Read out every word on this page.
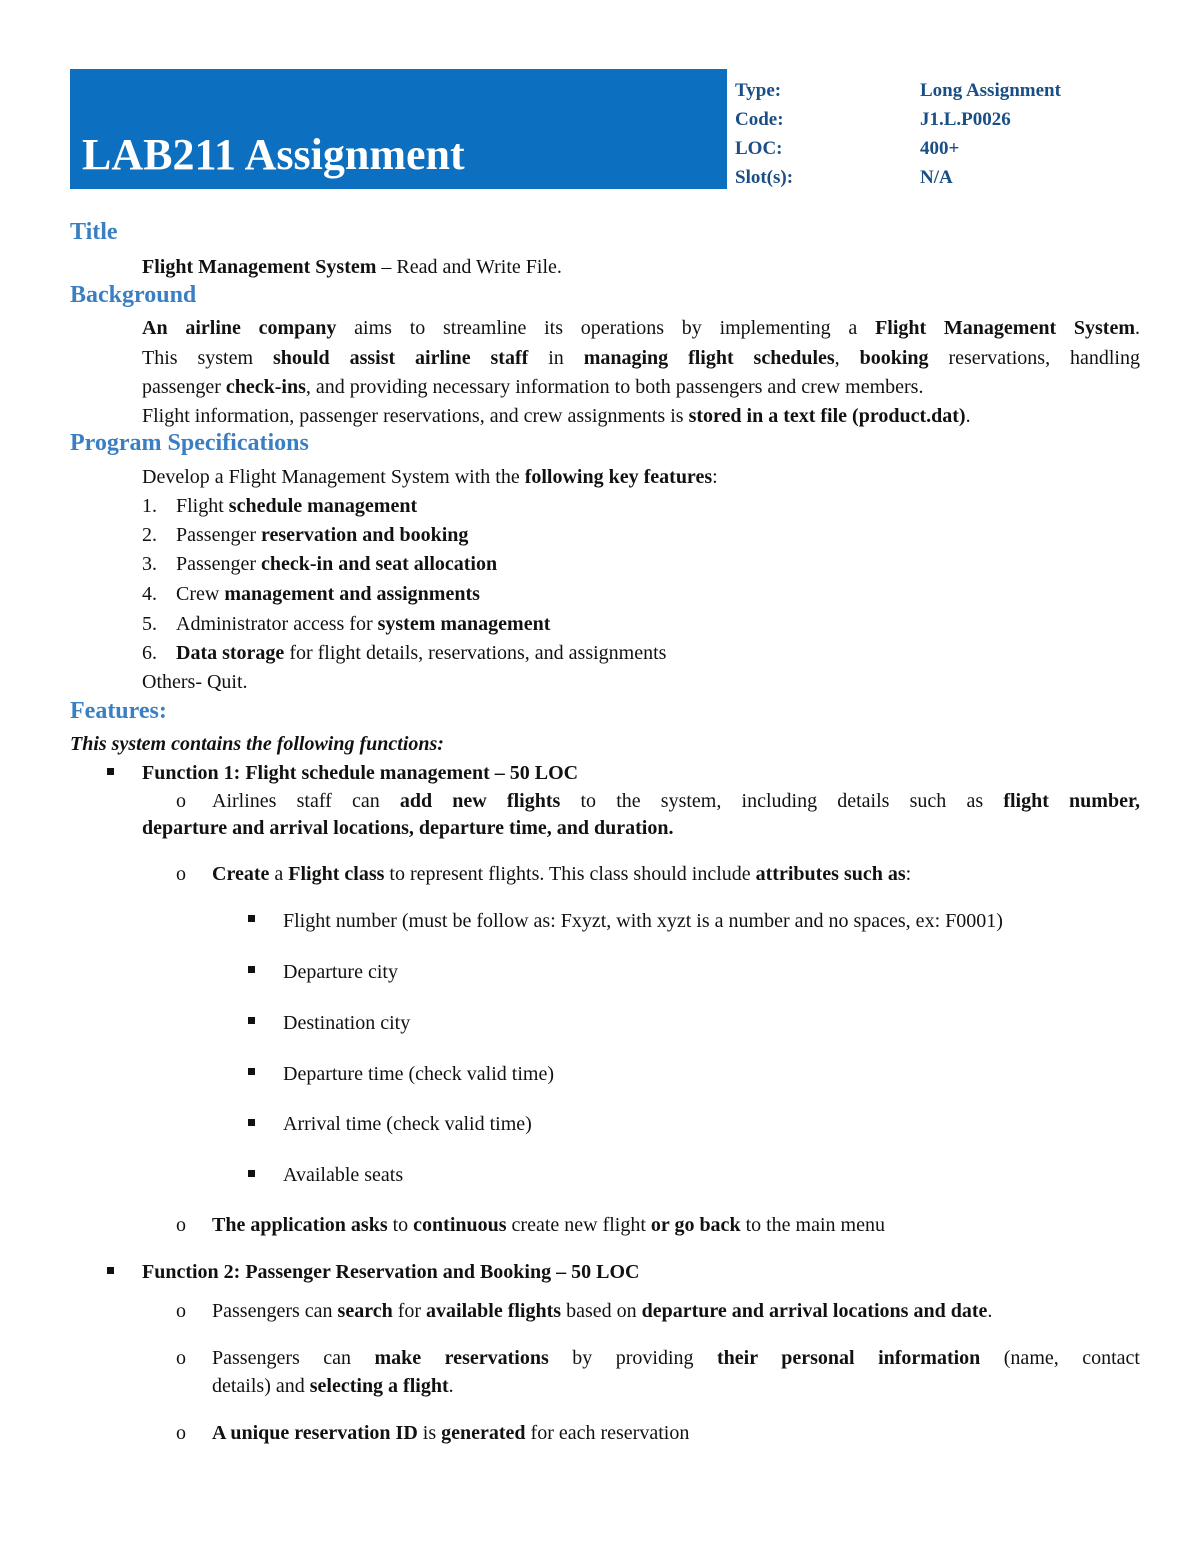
LAB211 Assignment
Type:	Long Assignment
Code:	J1.L.P0026
LOC:	400+
Slot(s):	N/A
Title
Flight Management System – Read and Write File.
Background
An airline company aims to streamline its operations by implementing a Flight Management System.
This system should assist airline staff in managing flight schedules, booking reservations, handling
passenger check-ins, and providing necessary information to both passengers and crew members.
Flight information, passenger reservations, and crew assignments is stored in a text file (product.dat).
Program Specifications
Develop a Flight Management System with the following key features:
1. Flight schedule management
2. Passenger reservation and booking
3. Passenger check-in and seat allocation
4. Crew management and assignments
5. Administrator access for system management
6. Data storage for flight details, reservations, and assignments
Others- Quit.
Features:
This system contains the following functions:
Function 1: Flight schedule management – 50 LOC
o Airlines staff can add new flights to the system, including details such as flight number,
departure and arrival locations, departure time, and duration.
o Create a Flight class to represent flights. This class should include attributes such as:
Flight number (must be follow as: Fxyzt, with xyzt is a number and no spaces, ex: F0001)
Departure city
Destination city
Departure time (check valid time)
Arrival time (check valid time)
Available seats
o The application asks to continuous create new flight or go back to the main menu
Function 2: Passenger Reservation and Booking – 50 LOC
o Passengers can search for available flights based on departure and arrival locations and date.
o Passengers can make reservations by providing their personal information (name, contact
details) and selecting a flight.
o A unique reservation ID is generated for each reservation
